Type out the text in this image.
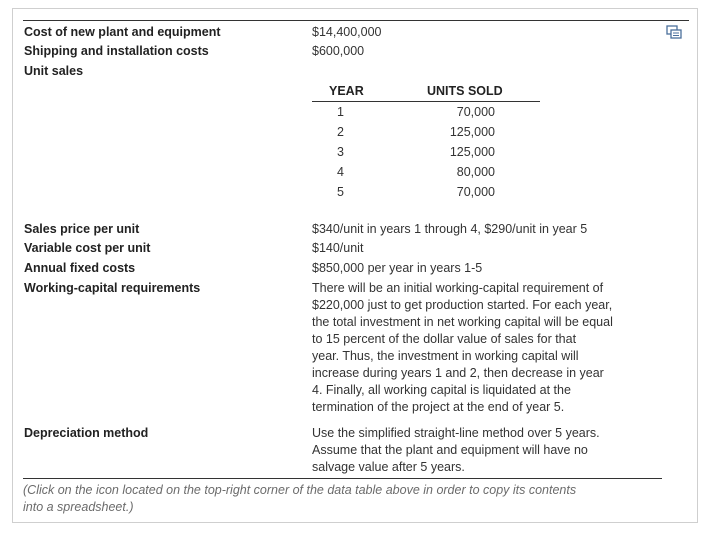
Cost of new plant and equipment	$14,400,000
Shipping and installation costs	$600,000
Unit sales
YEAR	UNITS SOLD
1	70,000
2	125,000
3	125,000
4	80,000
5	70,000
Sales price per unit	$340/unit in years 1 through 4, $290/unit in year 5
Variable cost per unit	$140/unit
Annual fixed costs	$850,000 per year in years 1-5
Working-capital requirements	There will be an initial working-capital requirement of
$220,000 just to get production started. For each year,
the total investment in net working capital will be equal
to 15 percent of the dollar value of sales for that
year. Thus, the investment in working capital will
increase during years 1 and 2, then decrease in year
4. Finally, all working capital is liquidated at the
termination of the project at the end of year 5.
Depreciation method	Use the simplified straight-line method over 5 years.
Assume that the plant and equipment will have no
salvage value after 5 years.
(Click on the icon located on the top-right corner of the data table above in order to copy its contents
into a spreadsheet.)
